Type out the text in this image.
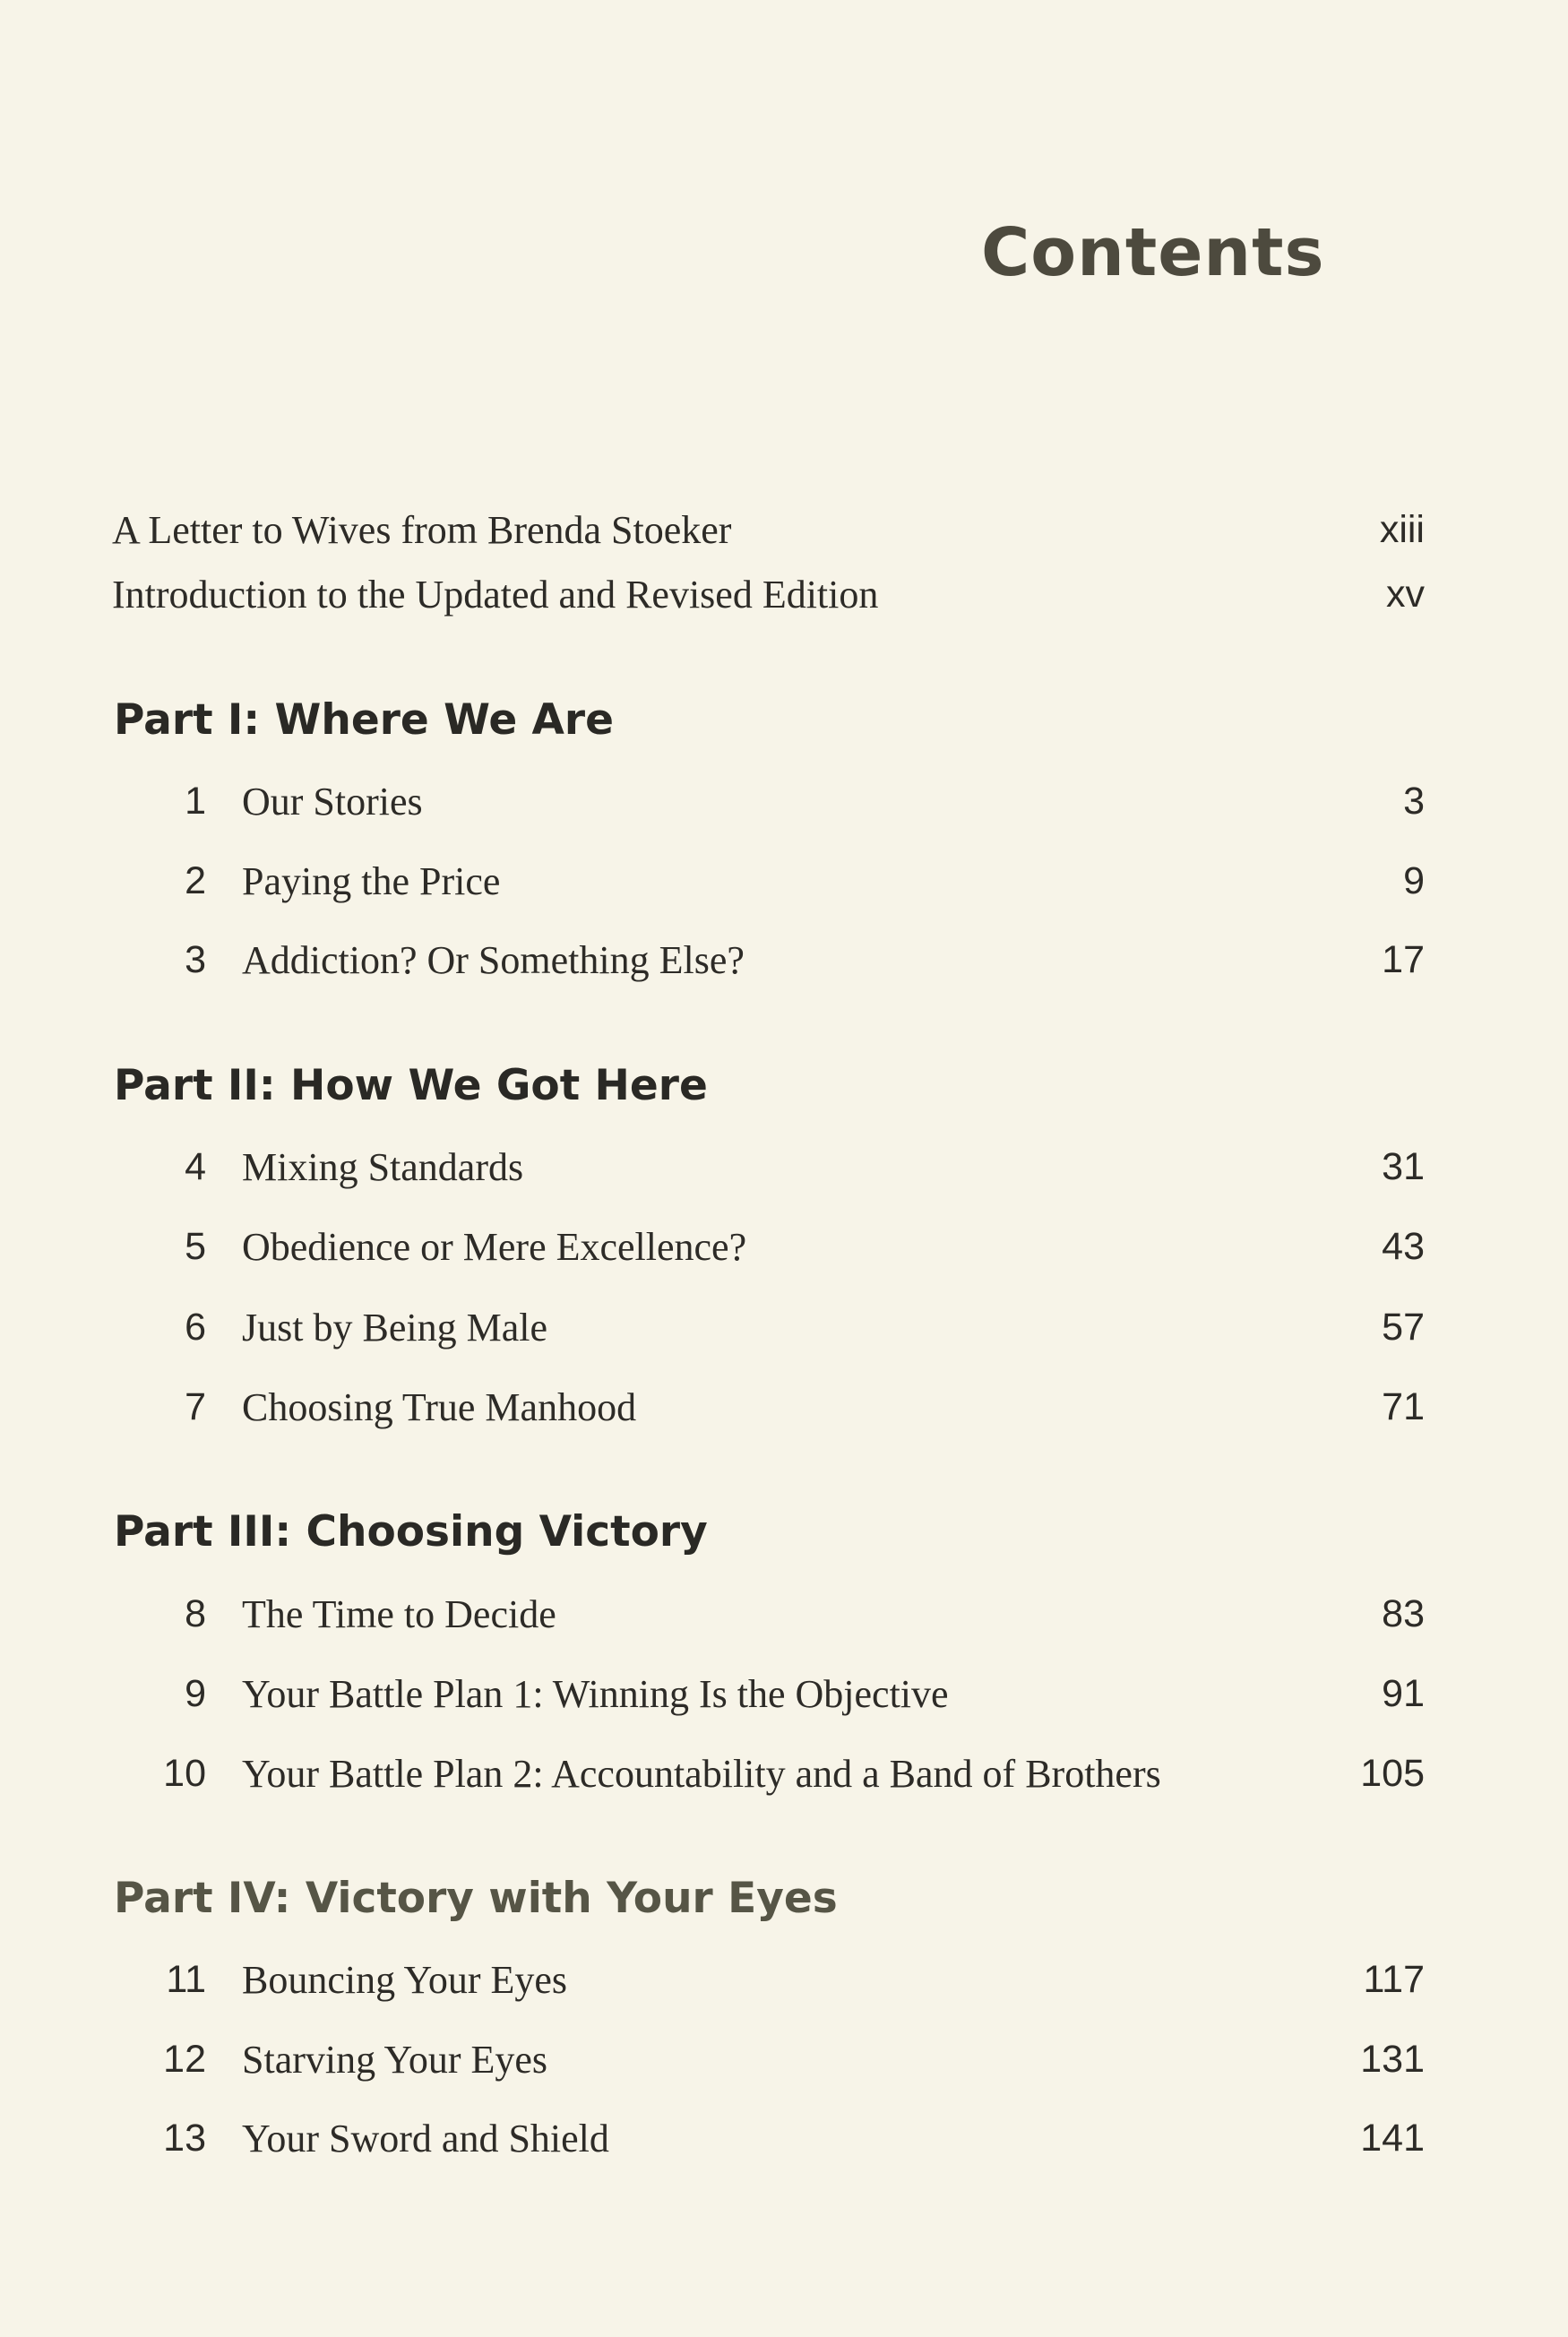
Contents
A Letter to Wives from Brenda Stoeker	xiii
Introduction to the Updated and Revised Edition	xv
Part I: Where We Are
1 Our Stories	3
2 Paying the Price	9
3 Addiction? Or Something Else?	17
Part II: How We Got Here
4 Mixing Standards	31
5 Obedience or Mere Excellence?	43
6 Just by Being Male	57
7 Choosing True Manhood	71
Part III: Choosing Victory
8 The Time to Decide	83
9 Your Battle Plan 1: Winning Is the Objective	91
10 Your Battle Plan 2: Accountability and a Band of Brothers	105
Part IV: Victory with Your Eyes
11 Bouncing Your Eyes	117
12 Starving Your Eyes	131
13 Your Sword and Shield	141
